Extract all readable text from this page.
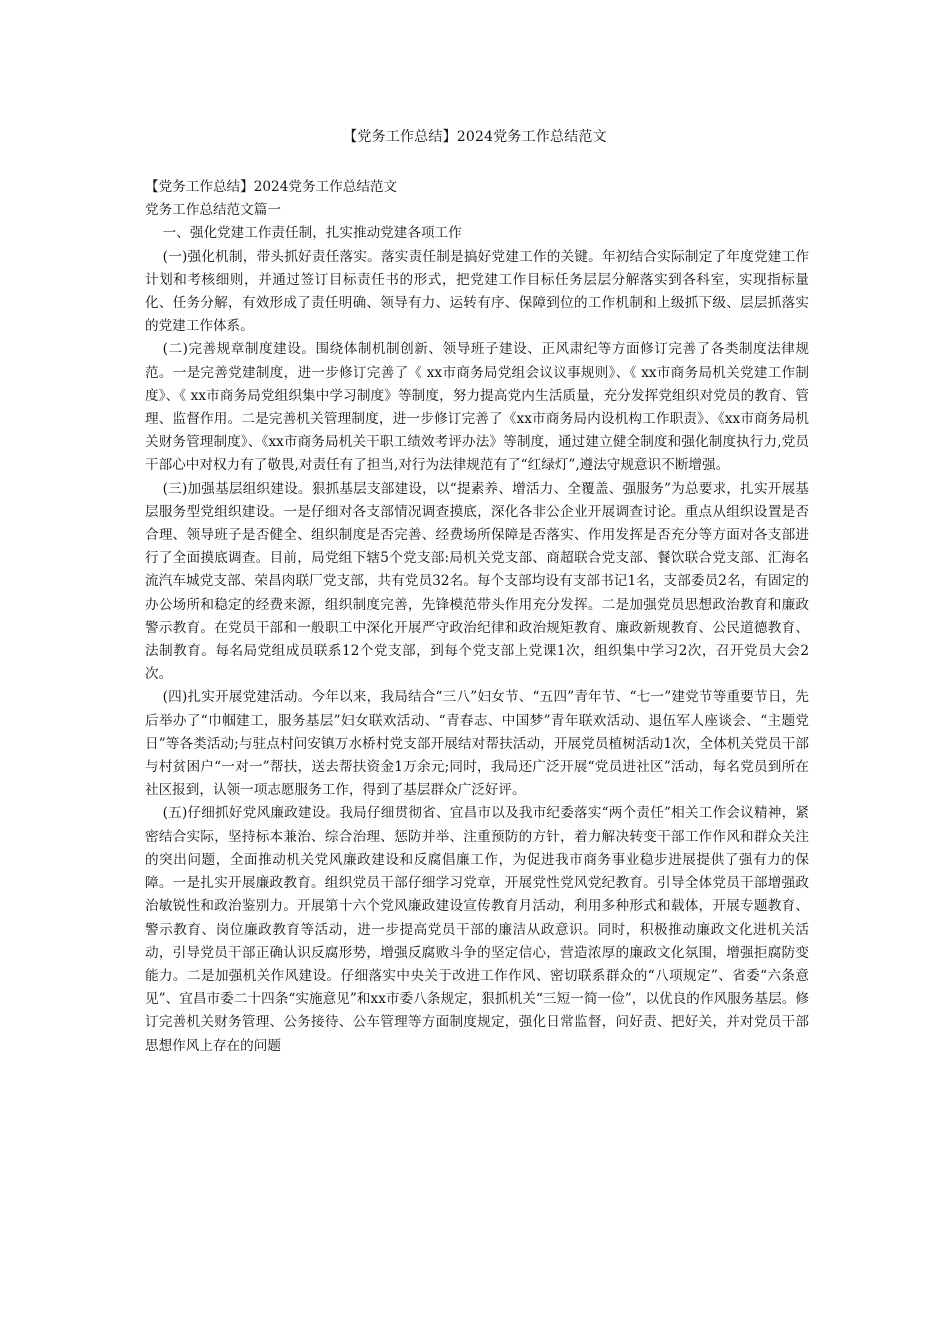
【党务工作总结】2024党务工作总结范文

【党务工作总结】2024党务工作总结范文

党务工作总结范文篇一

一、强化党建工作责任制，扎实推动党建各项工作

(一)强化机制，带头抓好责任落实。落实责任制是搞好党建工作的关键。年初结合实际制定了年度党建工作计划和考核细则，并通过签订目标责任书的形式，把党建工作目标任务层层分解落实到各科室，实现指标量化、任务分解，有效形成了责任明确、领导有力、运转有序、保障到位的工作机制和上级抓下级、层层抓落实的党建工作体系。

(二)完善规章制度建设。围绕体制机制创新、领导班子建设、正风肃纪等方面修订完善了各类制度法律规范。一是完善党建制度，进一步修订完善了《 xx市商务局党组会议议事规则》、《 xx市商务局机关党建工作制度》、《 xx市商务局党组织集中学习制度》等制度，努力提高党内生活质量，充分发挥党组织对党员的教育、管理、监督作用。二是完善机关管理制度，进一步修订完善了《xx市商务局内设机构工作职责》、《xx市商务局机关财务管理制度》、《xx市商务局机关干职工绩效考评办法》等制度，通过建立健全制度和强化制度执行力,党员干部心中对权力有了敬畏,对责任有了担当,对行为法律规范有了“红绿灯”,遵法守规意识不断增强。

(三)加强基层组织建设。狠抓基层支部建设，以“提素养、增活力、全覆盖、强服务”为总要求，扎实开展基层服务型党组织建设。一是仔细对各支部情况调查摸底，深化各非公企业开展调查讨论。重点从组织设置是否合理、领导班子是否健全、组织制度是否完善、经费场所保障是否落实、作用发挥是否充分等方面对各支部进行了全面摸底调查。目前，局党组下辖5个党支部:局机关党支部、商超联合党支部、餐饮联合党支部、汇海名流汽车城党支部、荣昌肉联厂党支部，共有党员32名。每个支部均设有支部书记1名，支部委员2名，有固定的办公场所和稳定的经费来源，组织制度完善，先锋模范带头作用充分发挥。二是加强党员思想政治教育和廉政警示教育。在党员干部和一般职工中深化开展严守政治纪律和政治规矩教育、廉政新规教育、公民道德教育、法制教育。每名局党组成员联系12个党支部，到每个党支部上党课1次，组织集中学习2次，召开党员大会2次。

(四)扎实开展党建活动。今年以来，我局结合“三八”妇女节、“五四”青年节、“七一”建党节等重要节日，先后举办了“巾帼建工，服务基层”妇女联欢活动、“青春志、中国梦”青年联欢活动、退伍军人座谈会、“主题党日”等各类活动;与驻点村问安镇万水桥村党支部开展结对帮扶活动，开展党员植树活动1次，全体机关党员干部与村贫困户“一对一”帮扶，送去帮扶资金1万余元;同时，我局还广泛开展“党员进社区”活动，每名党员到所在社区报到，认领一项志愿服务工作，得到了基层群众广泛好评。

(五)仔细抓好党风廉政建设。我局仔细贯彻省、宜昌市以及我市纪委落实“两个责任”相关工作会议精神，紧密结合实际，坚持标本兼治、综合治理、惩防并举、注重预防的方针，着力解决转变干部工作作风和群众关注的突出问题，全面推动机关党风廉政建设和反腐倡廉工作，为促进我市商务事业稳步进展提供了强有力的保障。一是扎实开展廉政教育。组织党员干部仔细学习党章，开展党性党风党纪教育。引导全体党员干部增强政治敏锐性和政治鉴别力。开展第十六个党风廉政建设宣传教育月活动，利用多种形式和载体，开展专题教育、警示教育、岗位廉政教育等活动，进一步提高党员干部的廉洁从政意识。同时，积极推动廉政文化进机关活动，引导党员干部正确认识反腐形势，增强反腐败斗争的坚定信心，营造浓厚的廉政文化氛围，增强拒腐防变能力。二是加强机关作风建设。仔细落实中央关于改进工作作风、密切联系群众的“八项规定”、省委“六条意见”、宜昌市委二十四条“实施意见”和xx市委八条规定，狠抓机关“三短一简一俭”，以优良的作风服务基层。修订完善机关财务管理、公务接待、公车管理等方面制度规定，强化日常监督，问好责、把好关，并对党员干部思想作风上存在的问题
